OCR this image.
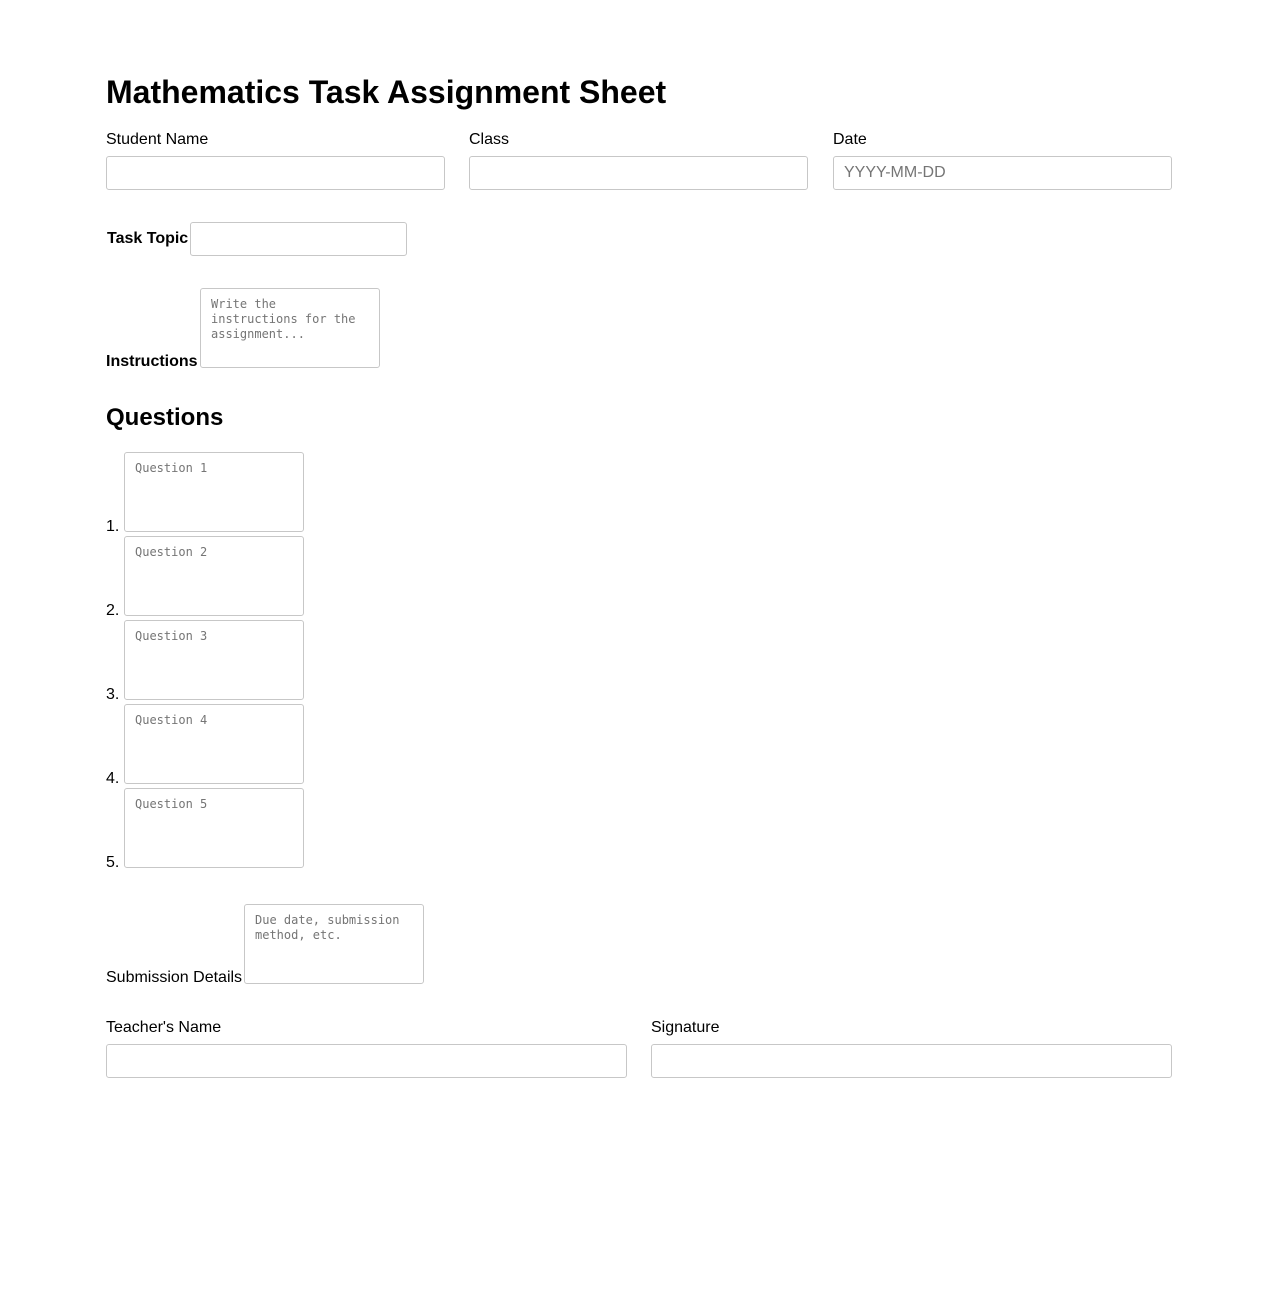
Mathematics Task Assignment Sheet
Student Name	Class	Date
YYYY-MM-DD
Task Topic
Instructions
Write the instructions for the assignment...
Questions
1.
Question 1
2.
Question 2
3.
Question 3
4.
Question 4
5.
Question 5
Submission Details
Due date, submission method, etc.
Teacher's Name	Signature
